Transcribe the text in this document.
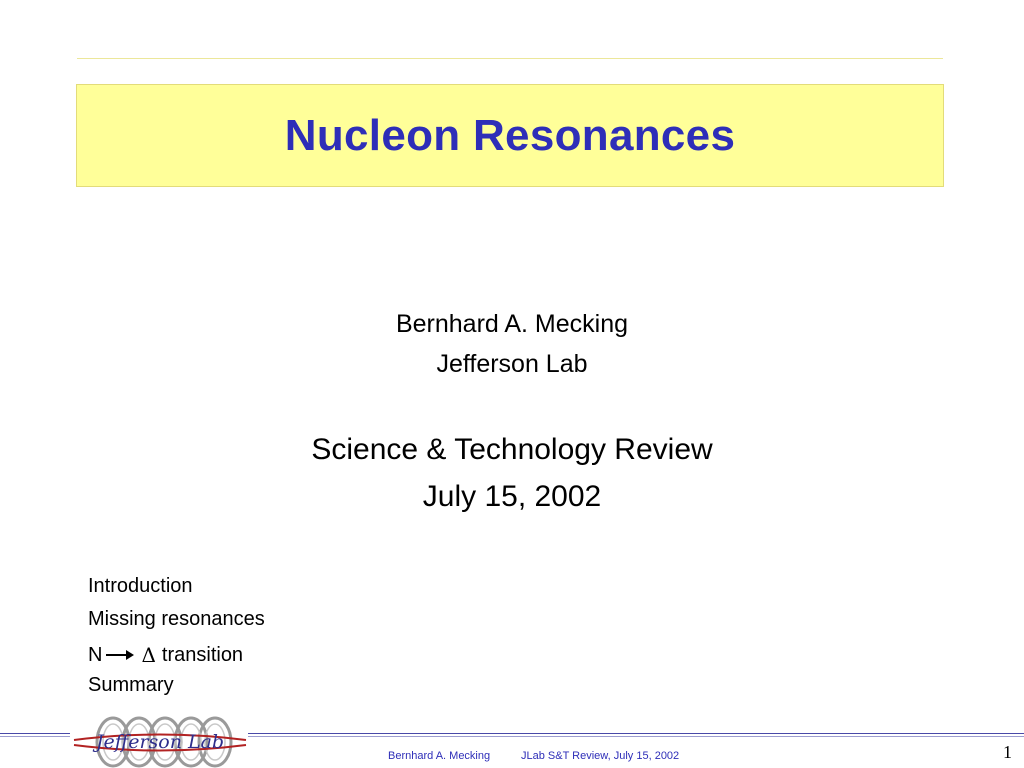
Nucleon Resonances
Bernhard A. Mecking
Jefferson Lab
Science & Technology Review
July 15, 2002
Introduction
Missing resonances
N Δ transition
Summary
Jefferson Lab
Bernhard A. Mecking	JLab S&T Review, July 15, 2002	1
